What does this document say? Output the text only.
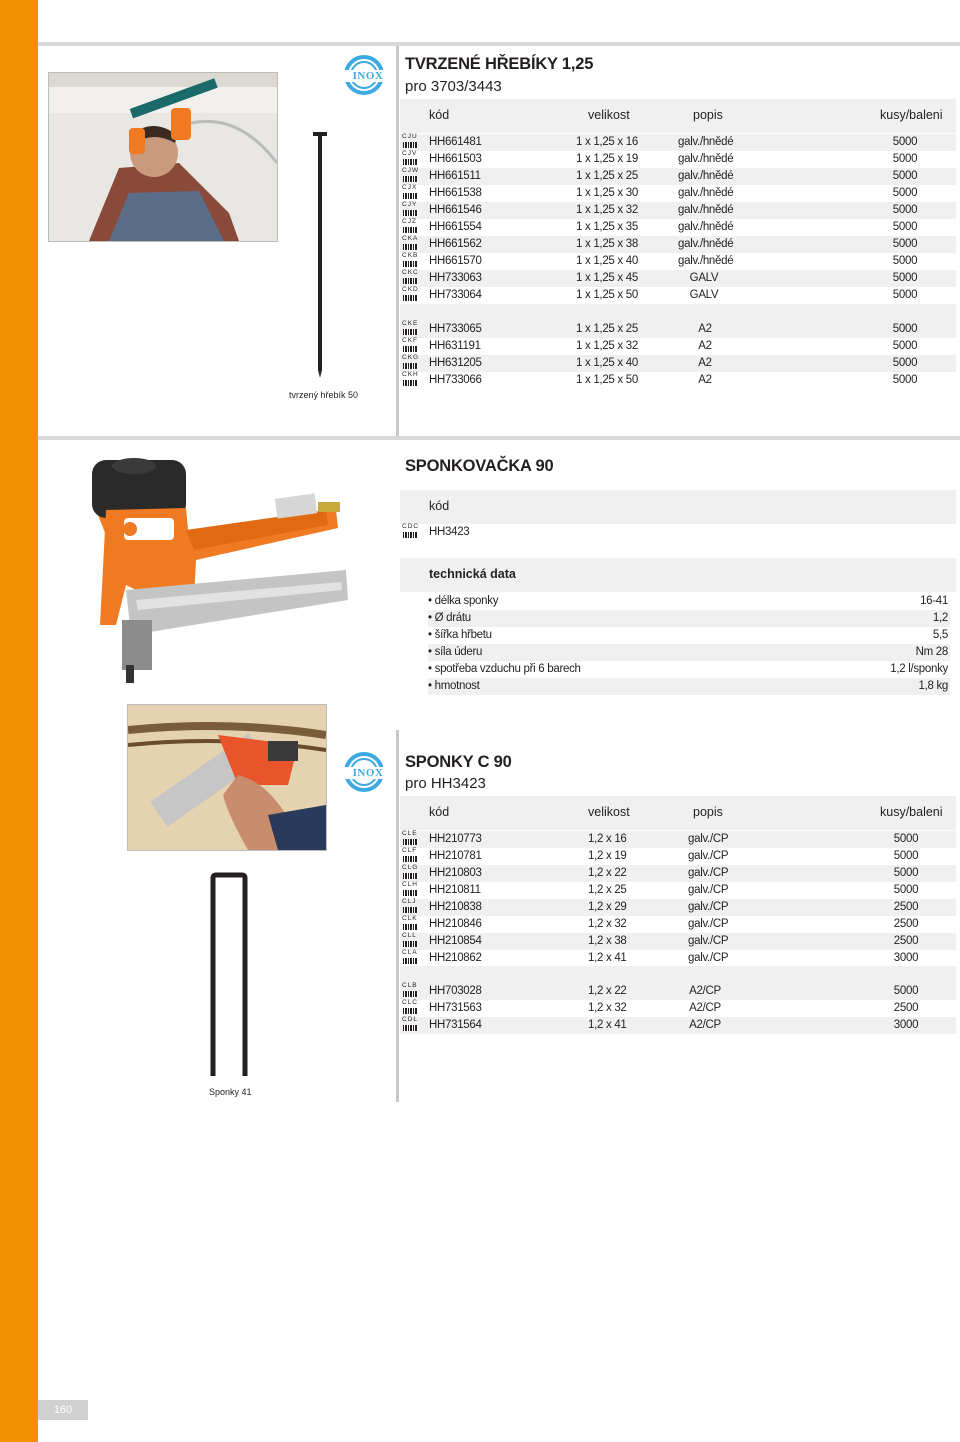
INOX
TVRZENÉ HŘEBÍKY 1,25
pro 3703/3443
kód	velikost	popis	kusy/baleni
CJU HH661481	1 x 1,25 x 16	galv./hnědé	5000
CJV HH661503	1 x 1,25 x 19	galv./hnědé	5000
CJW HH661511	1 x 1,25 x 25	galv./hnědé	5000
CJX HH661538	1 x 1,25 x 30	galv./hnědé	5000
CJY HH661546	1 x 1,25 x 32	galv./hnědé	5000
CJZ HH661554	1 x 1,25 x 35	galv./hnědé	5000
CKA HH661562	1 x 1,25 x 38	galv./hnědé	5000
CKB HH661570	1 x 1,25 x 40	galv./hnědé	5000
CKC HH733063	1 x 1,25 x 45	GALV	5000
CKD HH733064	1 x 1,25 x 50	GALV	5000
CKE HH733065	1 x 1,25 x 25	A2	5000
CKF HH631191	1 x 1,25 x 32	A2	5000
CKG HH631205	1 x 1,25 x 40	A2	5000
CKH HH733066	1 x 1,25 x 50	A2	5000
tvrzený hřebík 50
SPONKOVAČKA 90
kód
CDC HH3423
technická data
• délka sponky	16-41
• Ø drátu	1,2
• šířka hřbetu	5,5
• síla úderu	Nm 28
• spotřeba vzduchu při 6 barech	1,2 l/sponky
• hmotnost	1,8 kg
INOX
SPONKY C 90
pro HH3423
kód	velikost	popis	kusy/baleni
CLE HH210773	1,2 x 16	galv./CP	5000
CLF HH210781	1,2 x 19	galv./CP	5000
CLG HH210803	1,2 x 22	galv./CP	5000
CLH HH210811	1,2 x 25	galv./CP	5000
CLJ HH210838	1,2 x 29	galv./CP	2500
CLK HH210846	1,2 x 32	galv./CP	2500
CLL HH210854	1,2 x 38	galv./CP	2500
CLA HH210862	1,2 x 41	galv./CP	3000
CLB HH703028	1,2 x 22	A2/CP	5000
CLC HH731563	1,2 x 32	A2/CP	2500
CDL HH731564	1,2 x 41	A2/CP	3000
Sponky 41
160
